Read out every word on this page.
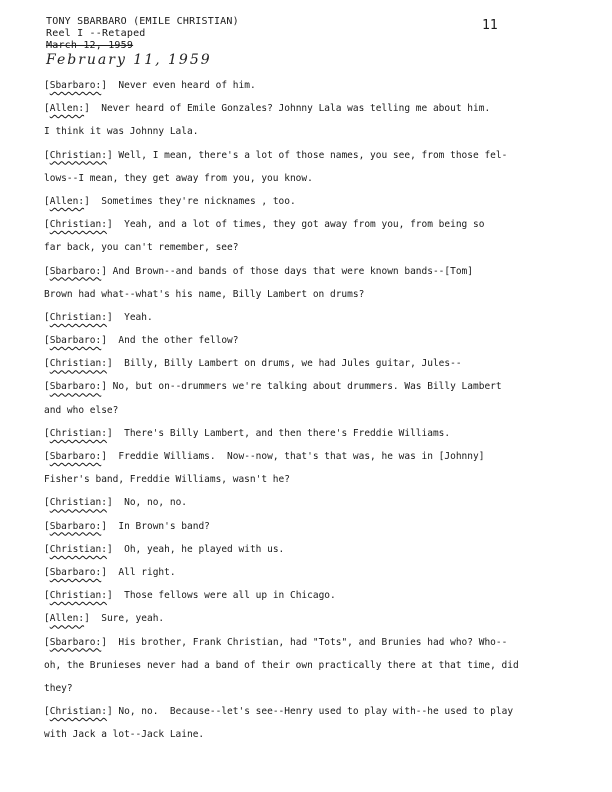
TONY SBARBARO (EMILE CHRISTIAN)
Reel I --Retaped
March 12, 1959
February 11, 1959
11
[ Sbarbaro: ]  Never even heard of him.
[ Allen: ]  Never heard of Emile Gonzales? Johnny Lala was telling me about him.
I think it was Johnny Lala.
[ Christian: ] Well, I mean, there's a lot of those names, you see, from those fel-
lows--I mean, they get away from you, you know.
[ Allen: ]  Sometimes they're nicknames , too.
[ Christian: ]  Yeah, and a lot of times, they got away from you, from being so
far back, you can't remember, see?
[ Sbarbaro: ] And Brown--and bands of those days that were known bands--[Tom]
Brown had what--what's his name, Billy Lambert on drums?
[ Christian: ]  Yeah.
[ Sbarbaro: ]  And the other fellow?
[ Christian: ]  Billy, Billy Lambert on drums, we had Jules guitar, Jules--
[ Sbarbaro: ] No, but on--drummers we're talking about drummers. Was Billy Lambert
and who else?
[ Christian: ]  There's Billy Lambert, and then there's Freddie Williams.
[ Sbarbaro: ]  Freddie Williams.  Now--now, that's that was, he was in [Johnny]
Fisher's band, Freddie Williams, wasn't he?
[ Christian: ]  No, no, no.
[ Sbarbaro: ]  In Brown's band?
[ Christian: ]  Oh, yeah, he played with us.
[ Sbarbaro: ]  All right.
[ Christian: ]  Those fellows were all up in Chicago.
[ Allen: ]  Sure, yeah.
[ Sbarbaro: ]  His brother, Frank Christian, had "Tots", and Brunies had who? Who--
oh, the Brunieses never had a band of their own practically there at that time, did
they?
[ Christian: ] No, no.  Because--let's see--Henry used to play with--he used to play
with Jack a lot--Jack Laine.
